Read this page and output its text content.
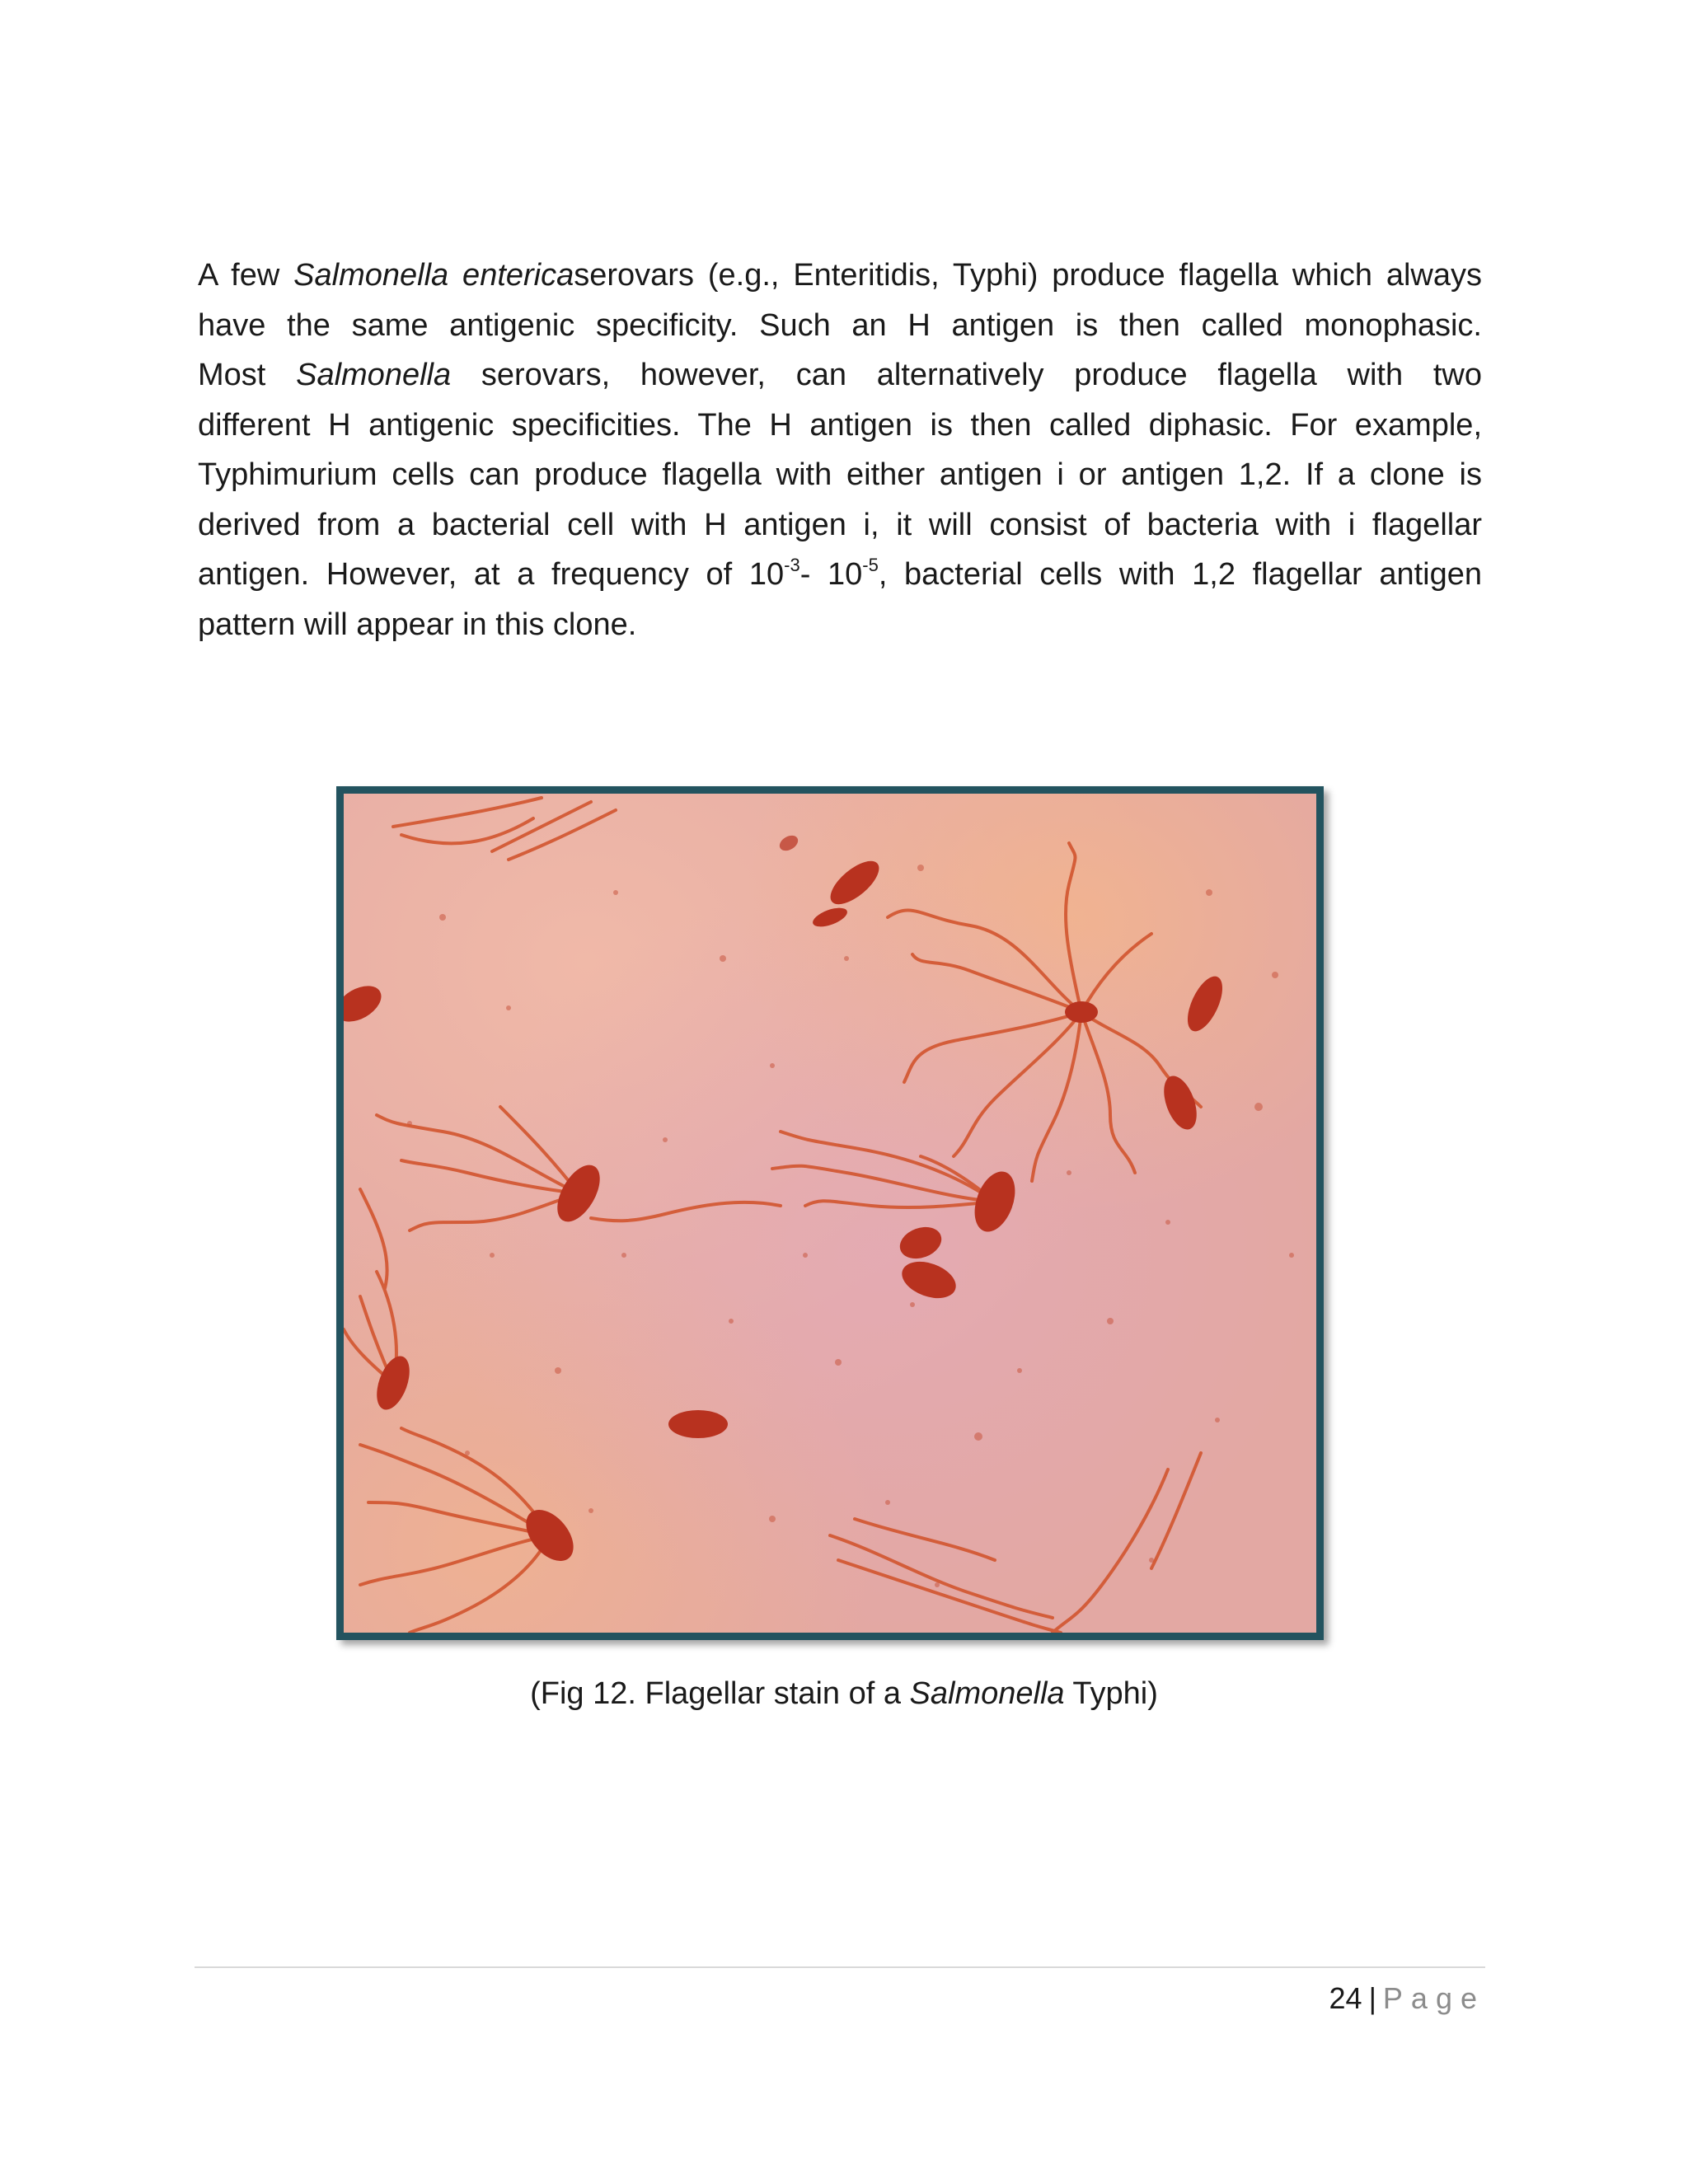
A few Salmonella entericaserovars (e.g., Enteritidis, Typhi) produce flagella which always
have the same antigenic specificity. Such an H antigen is then called monophasic.
Most Salmonella serovars, however, can alternatively produce flagella with two
different H antigenic specificities. The H antigen is then called diphasic. For example,
Typhimurium cells can produce flagella with either antigen i or antigen 1,2. If a clone is
derived from a bacterial cell with H antigen i, it will consist of bacteria with i flagellar
antigen. However, at a frequency of $10^{-3}-$ $10^{-5}$, bacterial cells with 1,2 flagellar antigen
pattern will appear in this clone.
(Fig 12. Flagellar stain of a Salmonella Typhi)
24 | Page
